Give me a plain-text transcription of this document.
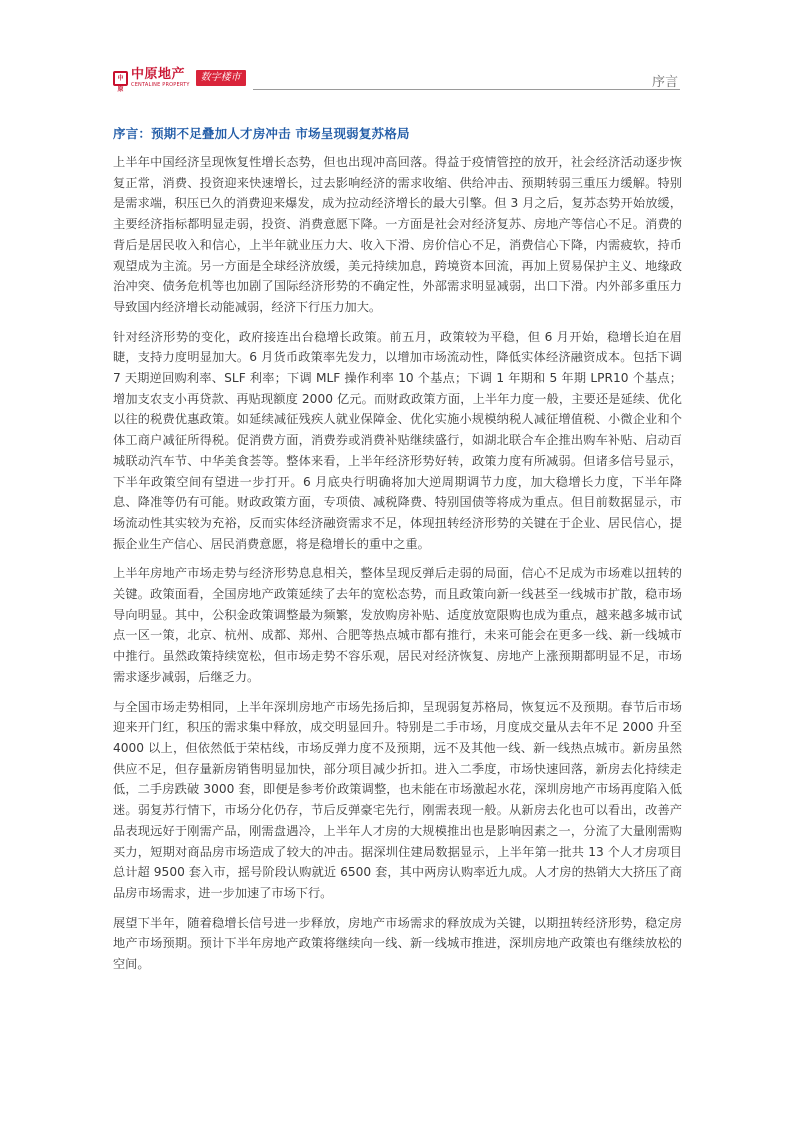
中原
中原地产
CENTALINE PROPERTY
数字楼市	序言
序言：预期不足叠加人才房冲击 市场呈现弱复苏格局

上半年中国经济呈现恢复性增长态势，但也出现冲高回落。得益于疫情管控的放开，社会经济活动逐步恢复正常，消费、投资迎来快速增长，过去影响经济的需求收缩、供给冲击、预期转弱三重压力缓解。特别是需求端，积压已久的消费迎来爆发，成为拉动经济增长的最大引擎。但 3 月之后，复苏态势开始放缓，主要经济指标都明显走弱，投资、消费意愿下降。一方面是社会对经济复苏、房地产等信心不足。消费的背后是居民收入和信心，上半年就业压力大、收入下滑、房价信心不足，消费信心下降，内需疲软，持币观望成为主流。另一方面是全球经济放缓，美元持续加息，跨境资本回流，再加上贸易保护主义、地缘政治冲突、债务危机等也加剧了国际经济形势的不确定性，外部需求明显减弱，出口下滑。内外部多重压力导致国内经济增长动能减弱，经济下行压力加大。

针对经济形势的变化，政府接连出台稳增长政策。前五月，政策较为平稳，但 6 月开始，稳增长迫在眉睫，支持力度明显加大。6 月货币政策率先发力，以增加市场流动性，降低实体经济融资成本。包括下调 7 天期逆回购利率、SLF 利率；下调 MLF 操作利率 10 个基点；下调 1 年期和 5 年期 LPR10 个基点；增加支农支小再贷款、再贴现额度 2000 亿元。而财政政策方面，上半年力度一般，主要还是延续、优化以往的税费优惠政策。如延续减征残疾人就业保障金、优化实施小规模纳税人减征增值税、小微企业和个体工商户减征所得税。促消费方面，消费券或消费补贴继续盛行，如湖北联合车企推出购车补贴、启动百城联动汽车节、中华美食荟等。整体来看，上半年经济形势好转，政策力度有所减弱。但诸多信号显示，下半年政策空间有望进一步打开。6 月底央行明确将加大逆周期调节力度，加大稳增长力度，下半年降息、降准等仍有可能。财政政策方面，专项债、减税降费、特别国债等将成为重点。但目前数据显示，市场流动性其实较为充裕，反而实体经济融资需求不足，体现扭转经济形势的关键在于企业、居民信心，提振企业生产信心、居民消费意愿，将是稳增长的重中之重。

上半年房地产市场走势与经济形势息息相关，整体呈现反弹后走弱的局面，信心不足成为市场难以扭转的关键。政策面看，全国房地产政策延续了去年的宽松态势，而且政策向新一线甚至一线城市扩散，稳市场导向明显。其中，公积金政策调整最为频繁，发放购房补贴、适度放宽限购也成为重点，越来越多城市试点一区一策，北京、杭州、成都、郑州、合肥等热点城市都有推行，未来可能会在更多一线、新一线城市中推行。虽然政策持续宽松，但市场走势不容乐观，居民对经济恢复、房地产上涨预期都明显不足，市场需求逐步减弱，后继乏力。

与全国市场走势相同，上半年深圳房地产市场先扬后抑，呈现弱复苏格局，恢复远不及预期。春节后市场迎来开门红，积压的需求集中释放，成交明显回升。特别是二手市场，月度成交量从去年不足 2000 升至 4000 以上，但依然低于荣枯线，市场反弹力度不及预期，远不及其他一线、新一线热点城市。新房虽然供应不足，但存量新房销售明显加快，部分项目减少折扣。进入二季度，市场快速回落，新房去化持续走低，二手房跌破 3000 套，即便是参考价政策调整，也未能在市场激起水花，深圳房地产市场再度陷入低迷。弱复苏行情下，市场分化仍存，节后反弹豪宅先行，刚需表现一般。从新房去化也可以看出，改善产品表现远好于刚需产品，刚需盘遇冷，上半年人才房的大规模推出也是影响因素之一，分流了大量刚需购买力，短期对商品房市场造成了较大的冲击。据深圳住建局数据显示，上半年第一批共 13 个人才房项目总计超 9500 套入市，摇号阶段认购就近 6500 套，其中两房认购率近九成。人才房的热销大大挤压了商品房市场需求，进一步加速了市场下行。

展望下半年，随着稳增长信号进一步释放，房地产市场需求的释放成为关键，以期扭转经济形势，稳定房地产市场预期。预计下半年房地产政策将继续向一线、新一线城市推进，深圳房地产政策也有继续放松的空间。
